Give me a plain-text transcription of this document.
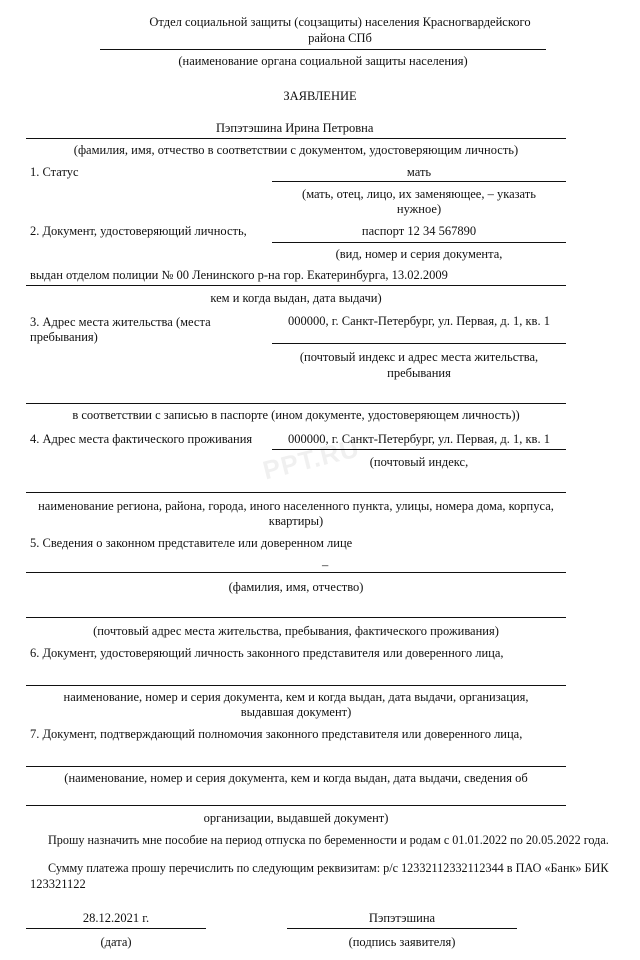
PPT.RU
Отдел социальной защиты (соцзащиты) населения Красногвардейского
района СПб
(наименование органа социальной защиты населения)
ЗАЯВЛЕНИЕ
Пэпэтэшина Ирина Петровна
(фамилия, имя, отчество в соответствии с документом, удостоверяющим личность)
1. Статус	мать
(мать, отец, лицо, их заменяющее, – указать
нужное)
2. Документ, удостоверяющий личность,	паспорт 12 34 567890
(вид, номер и серия документа,
выдан отделом полиции № 00 Ленинского р-на гор. Екатеринбурга, 13.02.2009
кем и когда выдан, дата выдачи)
3. Адрес места жительства (места
пребывания)
000000, г. Санкт-Петербург, ул. Первая, д. 1, кв. 1
(почтовый индекс и адрес места жительства,
пребывания
в соответствии с записью в паспорте (ином документе, удостоверяющем личность))
4. Адрес места фактического проживания	000000, г. Санкт-Петербург, ул. Первая, д. 1, кв. 1
(почтовый индекс,
наименование региона, района, города, иного населенного пункта, улицы, номера дома, корпуса,
квартиры)
5. Сведения о законном представителе или доверенном лице
–
(фамилия, имя, отчество)
(почтовый адрес места жительства, пребывания, фактического проживания)
6. Документ, удостоверяющий личность законного представителя или доверенного лица,
наименование, номер и серия документа, кем и когда выдан, дата выдачи, организация,
выдавшая документ)
7. Документ, подтверждающий полномочия законного представителя или доверенного лица,
(наименование, номер и серия документа, кем и когда выдан, дата выдачи, сведения об
организации, выдавшей документ)
Прошу назначить мне пособие на период отпуска по беременности и родам с 01.01.2022 по 20.05.2022 года.
Сумму платежа прошу перечислить по следующим реквизитам: р/с 12332112332112344 в ПАО «Банк» БИК
123321122
28.12.2021 г.
(дата)
Пэпэтэшина
(подпись заявителя)
